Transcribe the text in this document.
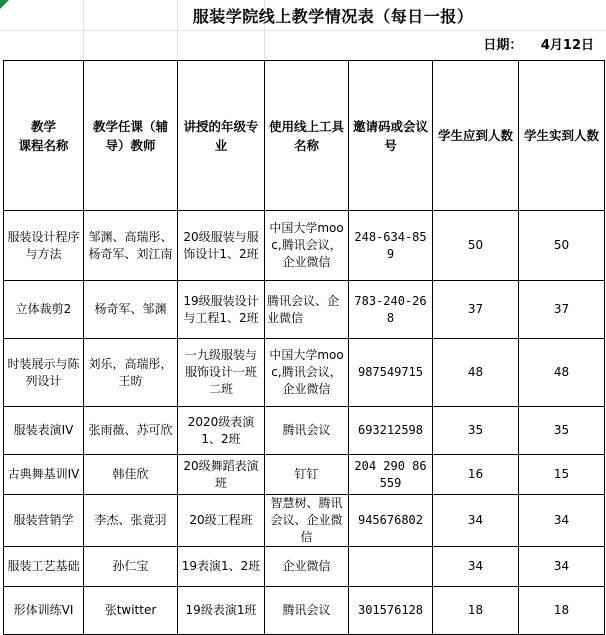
服装学院线上教学情况表（每日一报）
日期： 4月12日
教学
课程名称	教学任课（辅导）教师	讲授的年级专业	使用线上工具名称	邀请码或会议号	学生应到人数	学生实到人数
服装设计程序与方法	邹渊、高瑞彤、杨奇军、刘江南	20级服装与服饰设计1、2班	中国大学mooc,腾讯会议，企业微信	248-634-859	50	50
立体裁剪2	杨奇军、邹渊	19级服装设计与工程1、2班	腾讯会议、企业微信	783-240-268	37	37
时装展示与陈列设计	刘乐，高瑞彤，王昉	一九级服装与服饰设计一班二班	中国大学mooc,腾讯会议，企业微信	987549715	48	48
服装表演IV	张雨薇、苏可欣	2020级表演1、2班	腾讯会议	693212598	35	35
古典舞基训IV	韩佳欣	20级舞蹈表演班	钉钉	204 290 86559	16	15
服装营销学	李杰、张竟羽	20级工程班	智慧树、腾讯会议、企业微信	945676802	34	34
服装工艺基础	孙仁宝	19表演1、2班	企业微信		34	34
形体训练VI	张twitter	19级表演1班	腾讯会议	301576128	18	18
